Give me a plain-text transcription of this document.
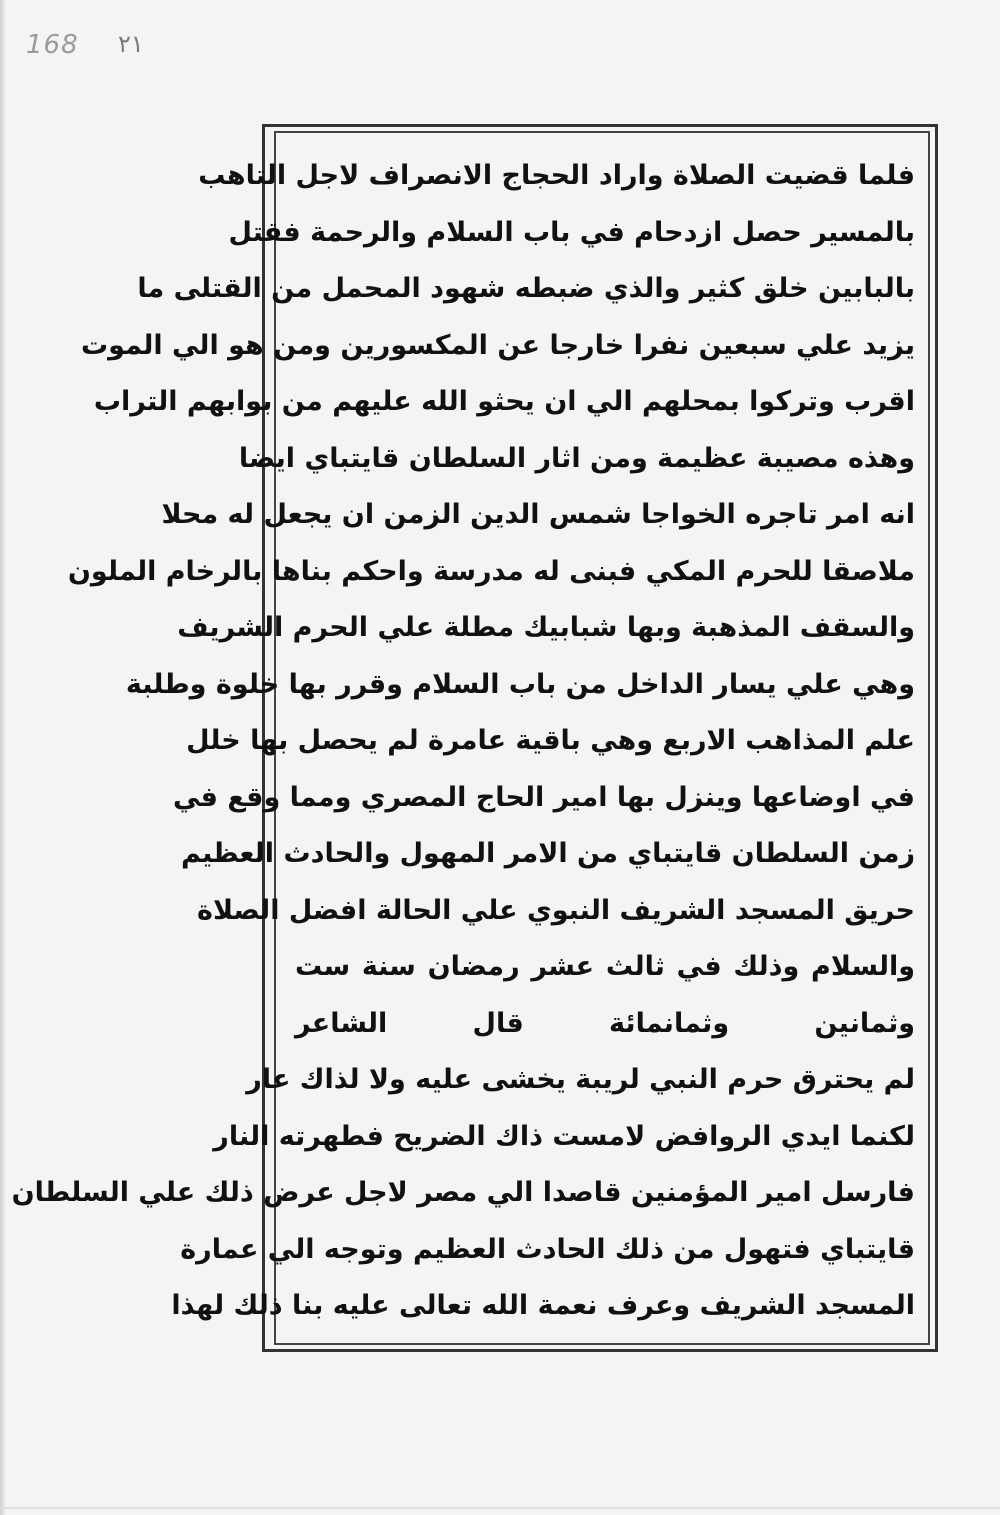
168 ۲۱
فلما قضيت الصلاة واراد الحجاج الانصراف لاجل التاهب
بالمسير حصل ازدحام في باب السلام والرحمة فقتل
بالبابين خلق كثير والذي ضبطه شهود المحمل من القتلى ما
يزيد علي سبعين نفرا خارجا عن المكسورين ومن هو الي الموت
اقرب وتركوا بمحلهم الي ان يحثو الله عليهم من بوابهم التراب
وهذه مصيبة عظيمة ومن اثار السلطان قايتباي ايضا
انه امر تاجره الخواجا شمس الدين الزمن ان يجعل له محلا
ملاصقا للحرم المكي فبنى له مدرسة واحكم بناها بالرخام الملون
والسقف المذهبة وبها شبابيك مطلة علي الحرم الشريف
وهي علي يسار الداخل من باب السلام وقرر بها خلوة وطلبة
علم المذاهب الاربع وهي باقية عامرة لم يحصل بها خلل
في اوضاعها وينزل بها امير الحاج المصري ومما وقع في
زمن السلطان قايتباي من الامر المهول والحادث العظيم
حريق المسجد الشريف النبوي علي الحالة افضل الصلاة
والسلام وذلك في ثالث عشر رمضان سنة ست
وثمانين وثمانمائة قال الشاعر
لم يحترق حرم النبي لريبة يخشى عليه ولا لذاك عار
لكنما ايدي الروافض لامست ذاك الضريح فطهرته النار
فارسل امير المؤمنين قاصدا الي مصر لاجل عرض ذلك علي السلطان
قايتباي فتهول من ذلك الحادث العظيم وتوجه الي عمارة
المسجد الشريف وعرف نعمة الله تعالى عليه بنا ذلك لهذا
